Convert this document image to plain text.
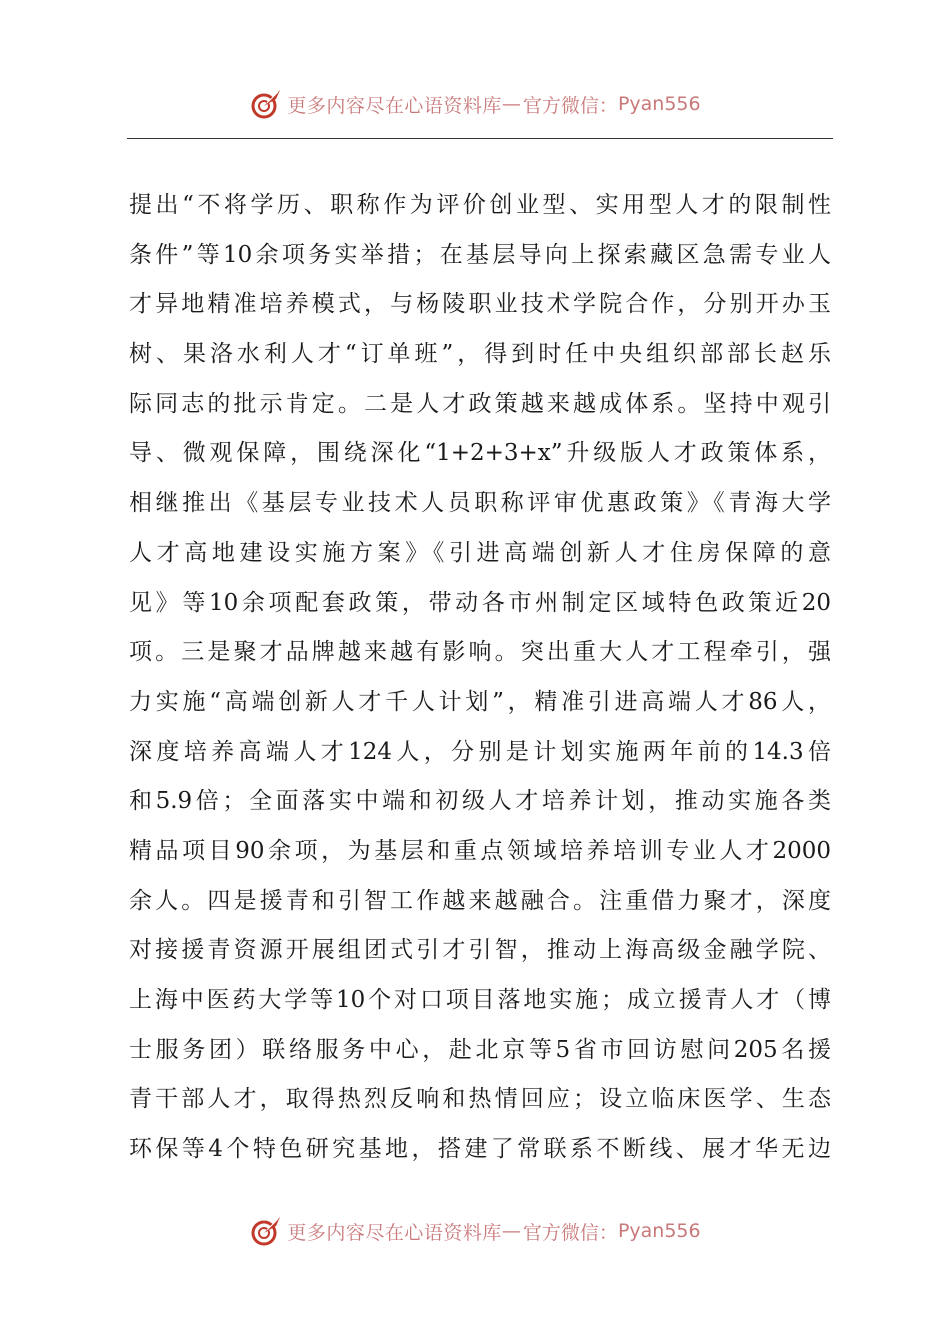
更多内容尽在心语资料库 — 官方微信： Pyan556
提出“不将学历、职称作为评价创业型、实用型人才的限制性
条件”等10余项务实举措；在基层导向上探索藏区急需专业人
才异地精准培养模式，与杨陵职业技术学院合作，分别开办玉
树、果洛水利人才“订单班”，得到时任中央组织部部长赵乐
际同志的批示肯定。二是人才政策越来越成体系。坚持中观引
导、微观保障，围绕深化“1+2+3+x”升级版人才政策体系，
相继推出《基层专业技术人员职称评审优惠政策》《青海大学
人才高地建设实施方案》《引进高端创新人才住房保障的意
见》等10余项配套政策，带动各市州制定区域特色政策近20
项。三是聚才品牌越来越有影响。突出重大人才工程牵引，强
力实施“高端创新人才千人计划”，精准引进高端人才86人，
深度培养高端人才124人，分别是计划实施两年前的14.3倍
和5.9倍；全面落实中端和初级人才培养计划，推动实施各类
精品项目90余项，为基层和重点领域培养培训专业人才2000
余人。四是援青和引智工作越来越融合。注重借力聚才，深度
对接援青资源开展组团式引才引智，推动上海高级金融学院、
上海中医药大学等10个对口项目落地实施；成立援青人才（博
士服务团）联络服务中心，赴北京等5省市回访慰问205名援
青干部人才，取得热烈反响和热情回应；设立临床医学、生态
环保等4个特色研究基地，搭建了常联系不断线、展才华无边
更多内容尽在心语资料库 — 官方微信： Pyan556
